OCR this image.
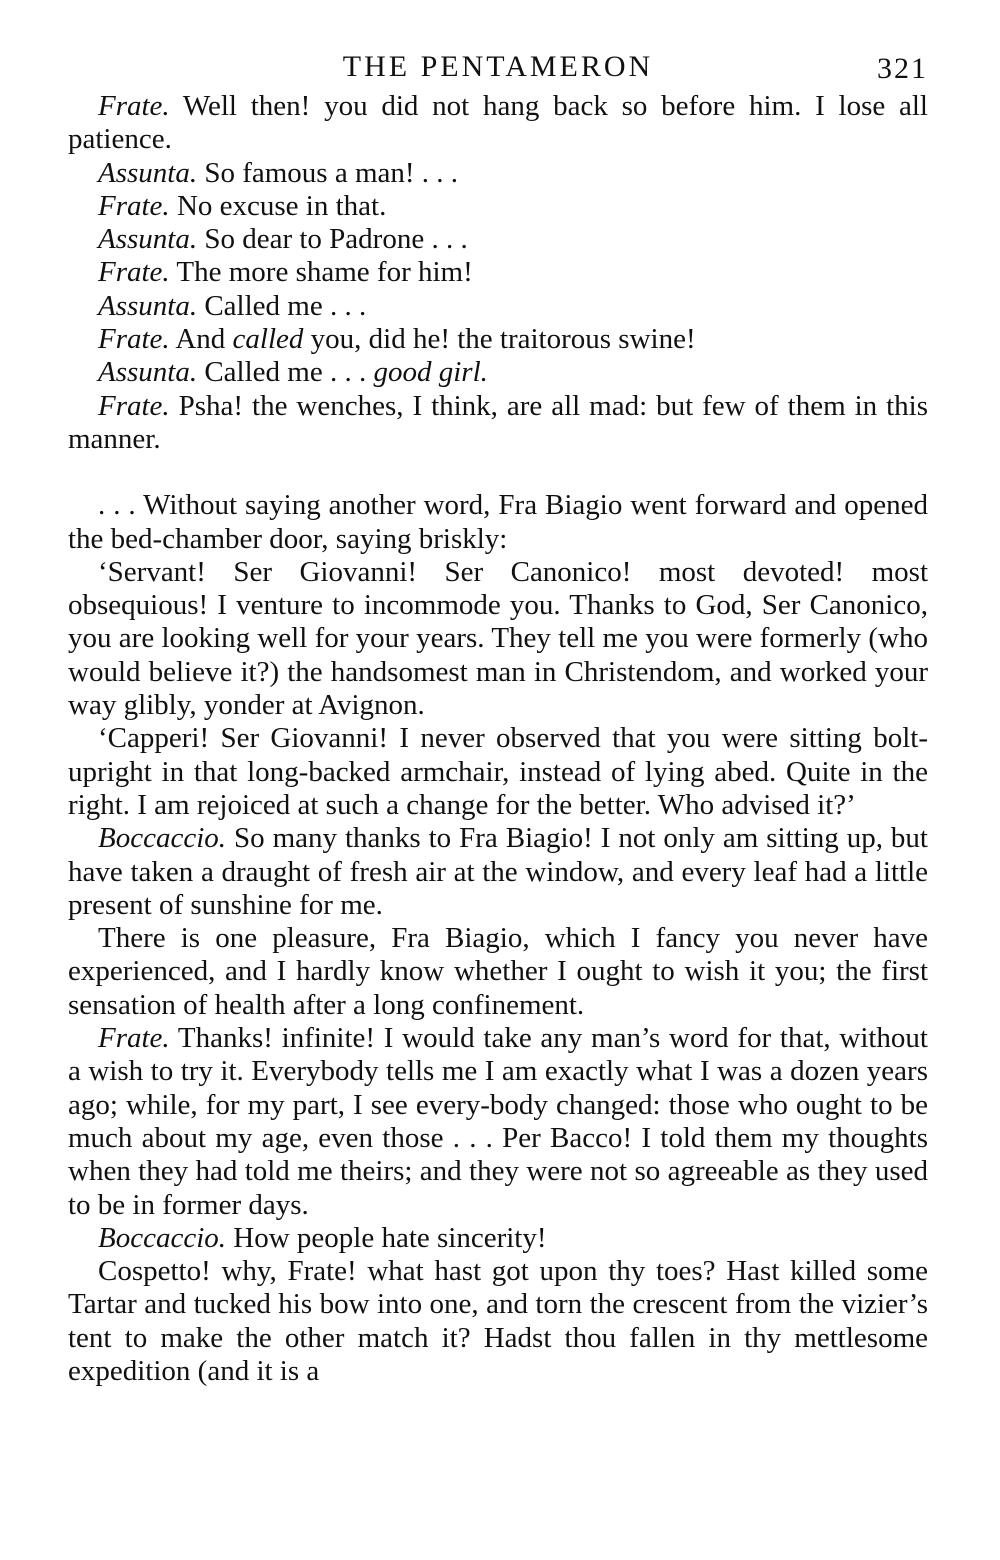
THE PENTAMERON	321

Frate. Well then! you did not hang back so before him. I lose all patience.

Assunta. So famous a man! . . .

Frate. No excuse in that.

Assunta. So dear to Padrone . . .

Frate. The more shame for him!

Assunta. Called me . . .

Frate. And called you, did he! the traitorous swine!

Assunta. Called me . . . good girl.

Frate. Psha! the wenches, I think, are all mad: but few of them in this manner.

. . . Without saying another word, Fra Biagio went forward and opened the bed-chamber door, saying briskly:

‘Servant! Ser Giovanni! Ser Canonico! most devoted! most obsequious! I venture to incommode you. Thanks to God, Ser Canonico, you are looking well for your years. They tell me you were formerly (who would believe it?) the handsomest man in Christendom, and worked your way glibly, yonder at Avignon.

‘Capperi! Ser Giovanni! I never observed that you were sitting bolt-upright in that long-backed armchair, instead of lying abed. Quite in the right. I am rejoiced at such a change for the better. Who advised it?’

Boccaccio. So many thanks to Fra Biagio! I not only am sitting up, but have taken a draught of fresh air at the window, and every leaf had a little present of sunshine for me.

There is one pleasure, Fra Biagio, which I fancy you never have experienced, and I hardly know whether I ought to wish it you; the first sensation of health after a long confinement.

Frate. Thanks! infinite! I would take any man’s word for that, without a wish to try it. Everybody tells me I am exactly what I was a dozen years ago; while, for my part, I see every-body changed: those who ought to be much about my age, even those . . . Per Bacco! I told them my thoughts when they had told me theirs; and they were not so agreeable as they used to be in former days.

Boccaccio. How people hate sincerity!

Cospetto! why, Frate! what hast got upon thy toes? Hast killed some Tartar and tucked his bow into one, and torn the crescent from the vizier’s tent to make the other match it? Hadst thou fallen in thy mettlesome expedition (and it is a
